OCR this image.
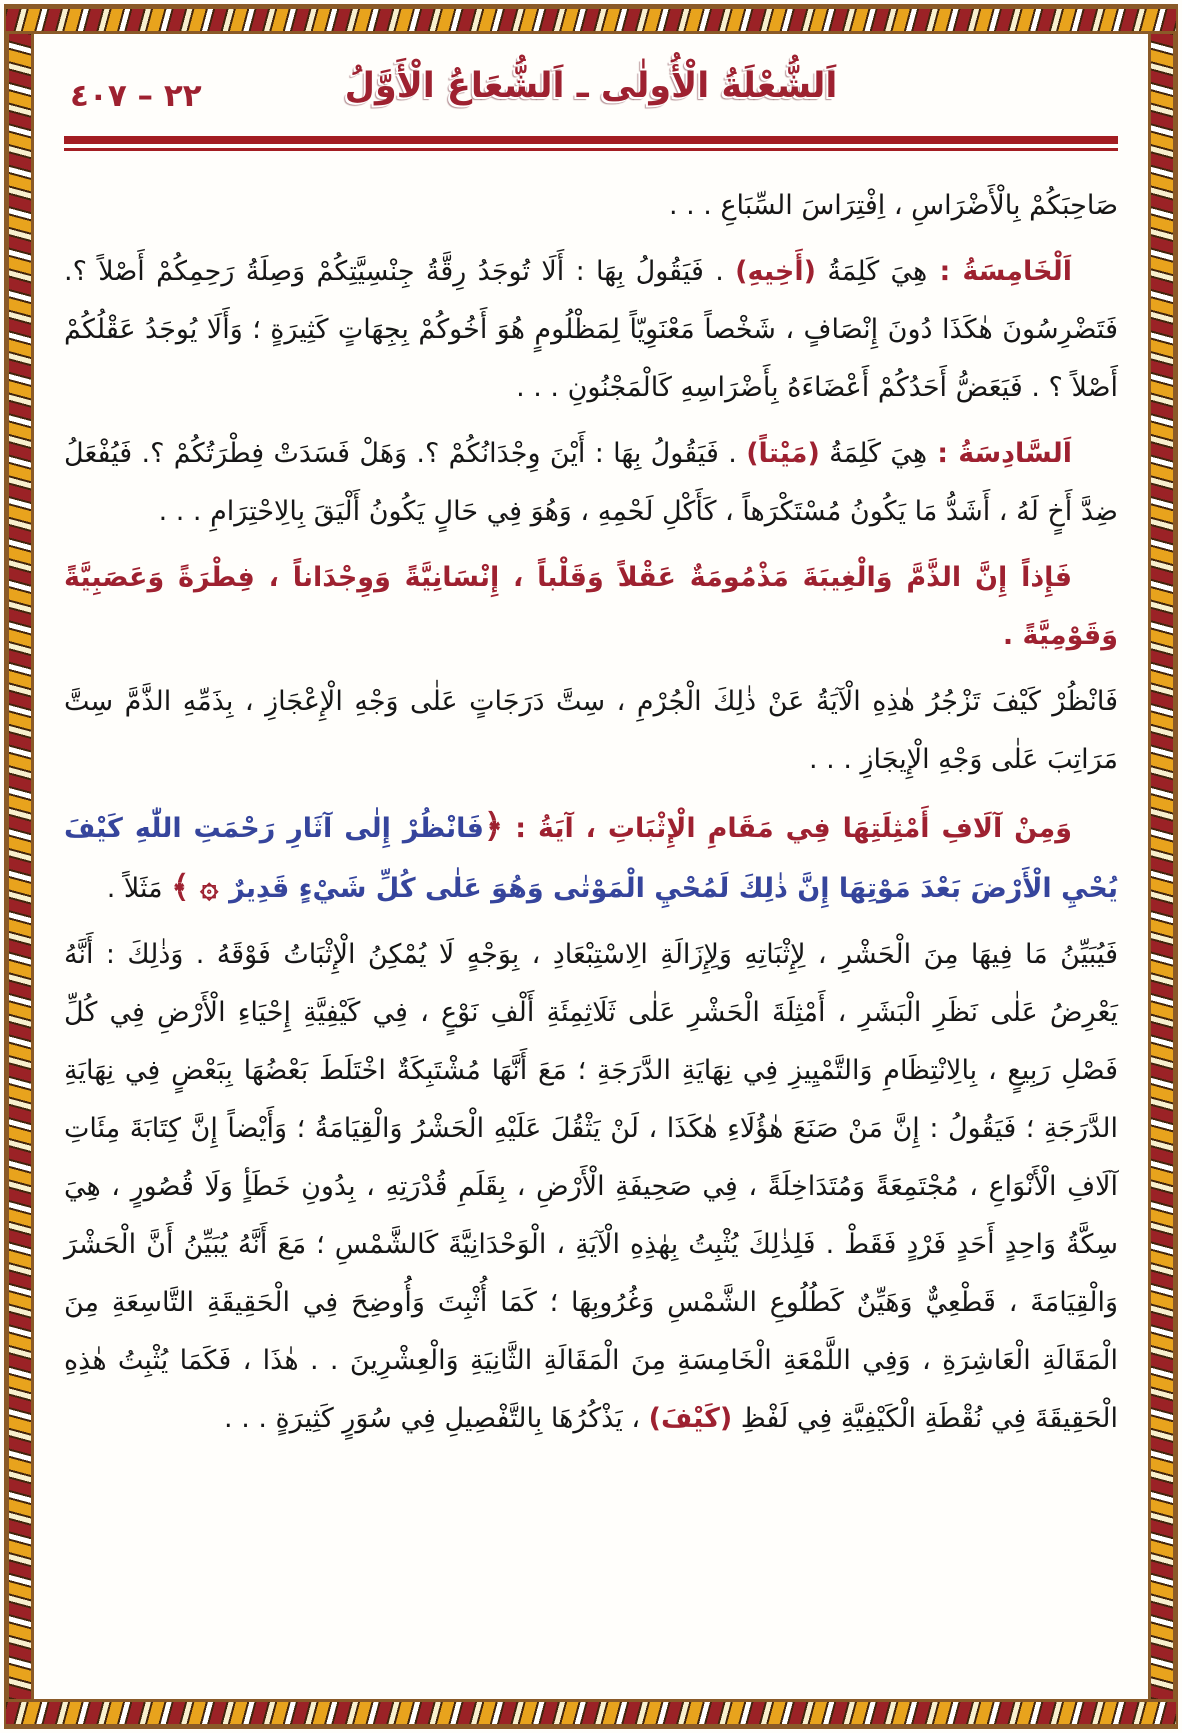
٢٢ – ٤٠٧	اَلشُّعْلَةُ الْأُولٰى ـ اَلشُّعَاعُ الْأَوَّلُ

صَاحِبَكُمْ بِالْأَضْرَاسِ ، اِفْتِرَاسَ السِّبَاعِ . . .

اَلْخَامِسَةُ : هِيَ كَلِمَةُ (أَخِيهِ) . فَيَقُولُ بِهَا : أَلَا تُوجَدُ رِقَّةُ جِنْسِيَّتِكُمْ وَصِلَةُ رَحِمِكُمْ أَصْلاً ؟. فَتَضْرِسُونَ هٰكَذَا دُونَ إِنْصَافٍ ، شَخْصاً مَعْنَوِيّاً لِمَظْلُومٍ هُوَ أَخُوكُمْ بِجِهَاتٍ كَثِيرَةٍ ؛ وَأَلَا يُوجَدُ عَقْلُكُمْ أَصْلاً ؟ . فَيَعَضُّ أَحَدُكُمْ أَعْضَاءَهُ بِأَضْرَاسِهِ كَالْمَجْنُونِ . . .

اَلسَّادِسَةُ : هِيَ كَلِمَةُ (مَيْتاً) . فَيَقُولُ بِهَا : أَيْنَ وِجْدَانُكُمْ ؟. وَهَلْ فَسَدَتْ فِطْرَتُكُمْ ؟. فَيُفْعَلُ ضِدَّ أَخٍ لَهُ ، أَشَدُّ مَا يَكُونُ مُسْتَكْرَهاً ، كَأَكْلِ لَحْمِهِ ، وَهُوَ فِي حَالٍ يَكُونُ أَلْيَقَ بِالِاحْتِرَامِ . . .

فَإِذاً إِنَّ الذَّمَّ وَالْغِيبَةَ مَذْمُومَةٌ عَقْلاً وَقَلْباً ، إِنْسَانِيَّةً وَوِجْدَاناً ، فِطْرَةً وَعَصَبِيَّةً وَقَوْمِيَّةً .

فَانْظُرْ كَيْفَ تَزْجُرُ هٰذِهِ الْآيَةُ عَنْ ذٰلِكَ الْجُرْمِ ، سِتَّ دَرَجَاتٍ عَلٰى وَجْهِ الْإِعْجَازِ ، بِذَمِّهِ الذَّمَّ سِتَّ مَرَاتِبَ عَلٰى وَجْهِ الْإِيجَازِ . . .

وَمِنْ آلَافِ أَمْثِلَتِهَا فِي مَقَامِ الْإِثْبَاتِ ، آيَةُ : ﴿فَانْظُرْ إِلٰى آثَارِ رَحْمَتِ اللّٰهِ كَيْفَ يُحْيِ الْأَرْضَ بَعْدَ مَوْتِهَا إِنَّ ذٰلِكَ لَمُحْيِ الْمَوْتٰى وَهُوَ عَلٰى كُلِّ شَيْءٍ قَدِيرٌ ۞ ﴾ مَثَلاً .

فَيُبَيِّنُ مَا فِيهَا مِنَ الْحَشْرِ ، لِإِثْبَاتِهِ وَلِإِزَالَةِ الِاسْتِبْعَادِ ، بِوَجْهٍ لَا يُمْكِنُ الْإِثْبَاتُ فَوْقَهُ . وَذٰلِكَ : أَنَّهُ يَعْرِضُ عَلٰى نَظَرِ الْبَشَرِ ، أَمْثِلَةَ الْحَشْرِ عَلٰى ثَلَاثِمِئَةِ أَلْفِ نَوْعٍ ، فِي كَيْفِيَّةِ إِحْيَاءِ الْأَرْضِ فِي كُلِّ فَصْلِ رَبِيعٍ ، بِالِانْتِظَامِ وَالتَّمْيِيزِ فِي نِهَايَةِ الدَّرَجَةِ ؛ مَعَ أَنَّهَا مُشْتَبِكَةٌ اخْتَلَطَ بَعْضُهَا بِبَعْضٍ فِي نِهَايَةِ الدَّرَجَةِ ؛ فَيَقُولُ : إِنَّ مَنْ صَنَعَ هٰؤُلَاءِ هٰكَذَا ، لَنْ يَثْقُلَ عَلَيْهِ الْحَشْرُ وَالْقِيَامَةُ ؛ وَأَيْضاً إِنَّ كِتَابَةَ مِئَاتِ آلَافِ الْأَنْوَاعِ ، مُجْتَمِعَةً وَمُتَدَاخِلَةً ، فِي صَحِيفَةِ الْأَرْضِ ، بِقَلَمِ قُدْرَتِهِ ، بِدُونِ خَطَأٍ وَلَا قُصُورٍ ، هِيَ سِكَّةُ وَاحِدٍ أَحَدٍ فَرْدٍ فَقَطْ . فَلِذٰلِكَ يُثْبِتُ بِهٰذِهِ الْآيَةِ ، الْوَحْدَانِيَّةَ كَالشَّمْسِ ؛ مَعَ أَنَّهُ يُبَيِّنُ أَنَّ الْحَشْرَ وَالْقِيَامَةَ ، قَطْعِيٌّ وَهَيِّنٌ كَطُلُوعِ الشَّمْسِ وَغُرُوبِهَا ؛ كَمَا أُثْبِتَ وَأُوضِحَ فِي الْحَقِيقَةِ التَّاسِعَةِ مِنَ الْمَقَالَةِ الْعَاشِرَةِ ، وَفِي اللَّمْعَةِ الْخَامِسَةِ مِنَ الْمَقَالَةِ الثَّانِيَةِ وَالْعِشْرِينَ . . هٰذَا ، فَكَمَا يُثْبِتُ هٰذِهِ الْحَقِيقَةَ فِي نُقْطَةِ الْكَيْفِيَّةِ فِي لَفْظِ (كَيْفَ) ، يَذْكُرُهَا بِالتَّفْصِيلِ فِي سُوَرٍ كَثِيرَةٍ . . .
